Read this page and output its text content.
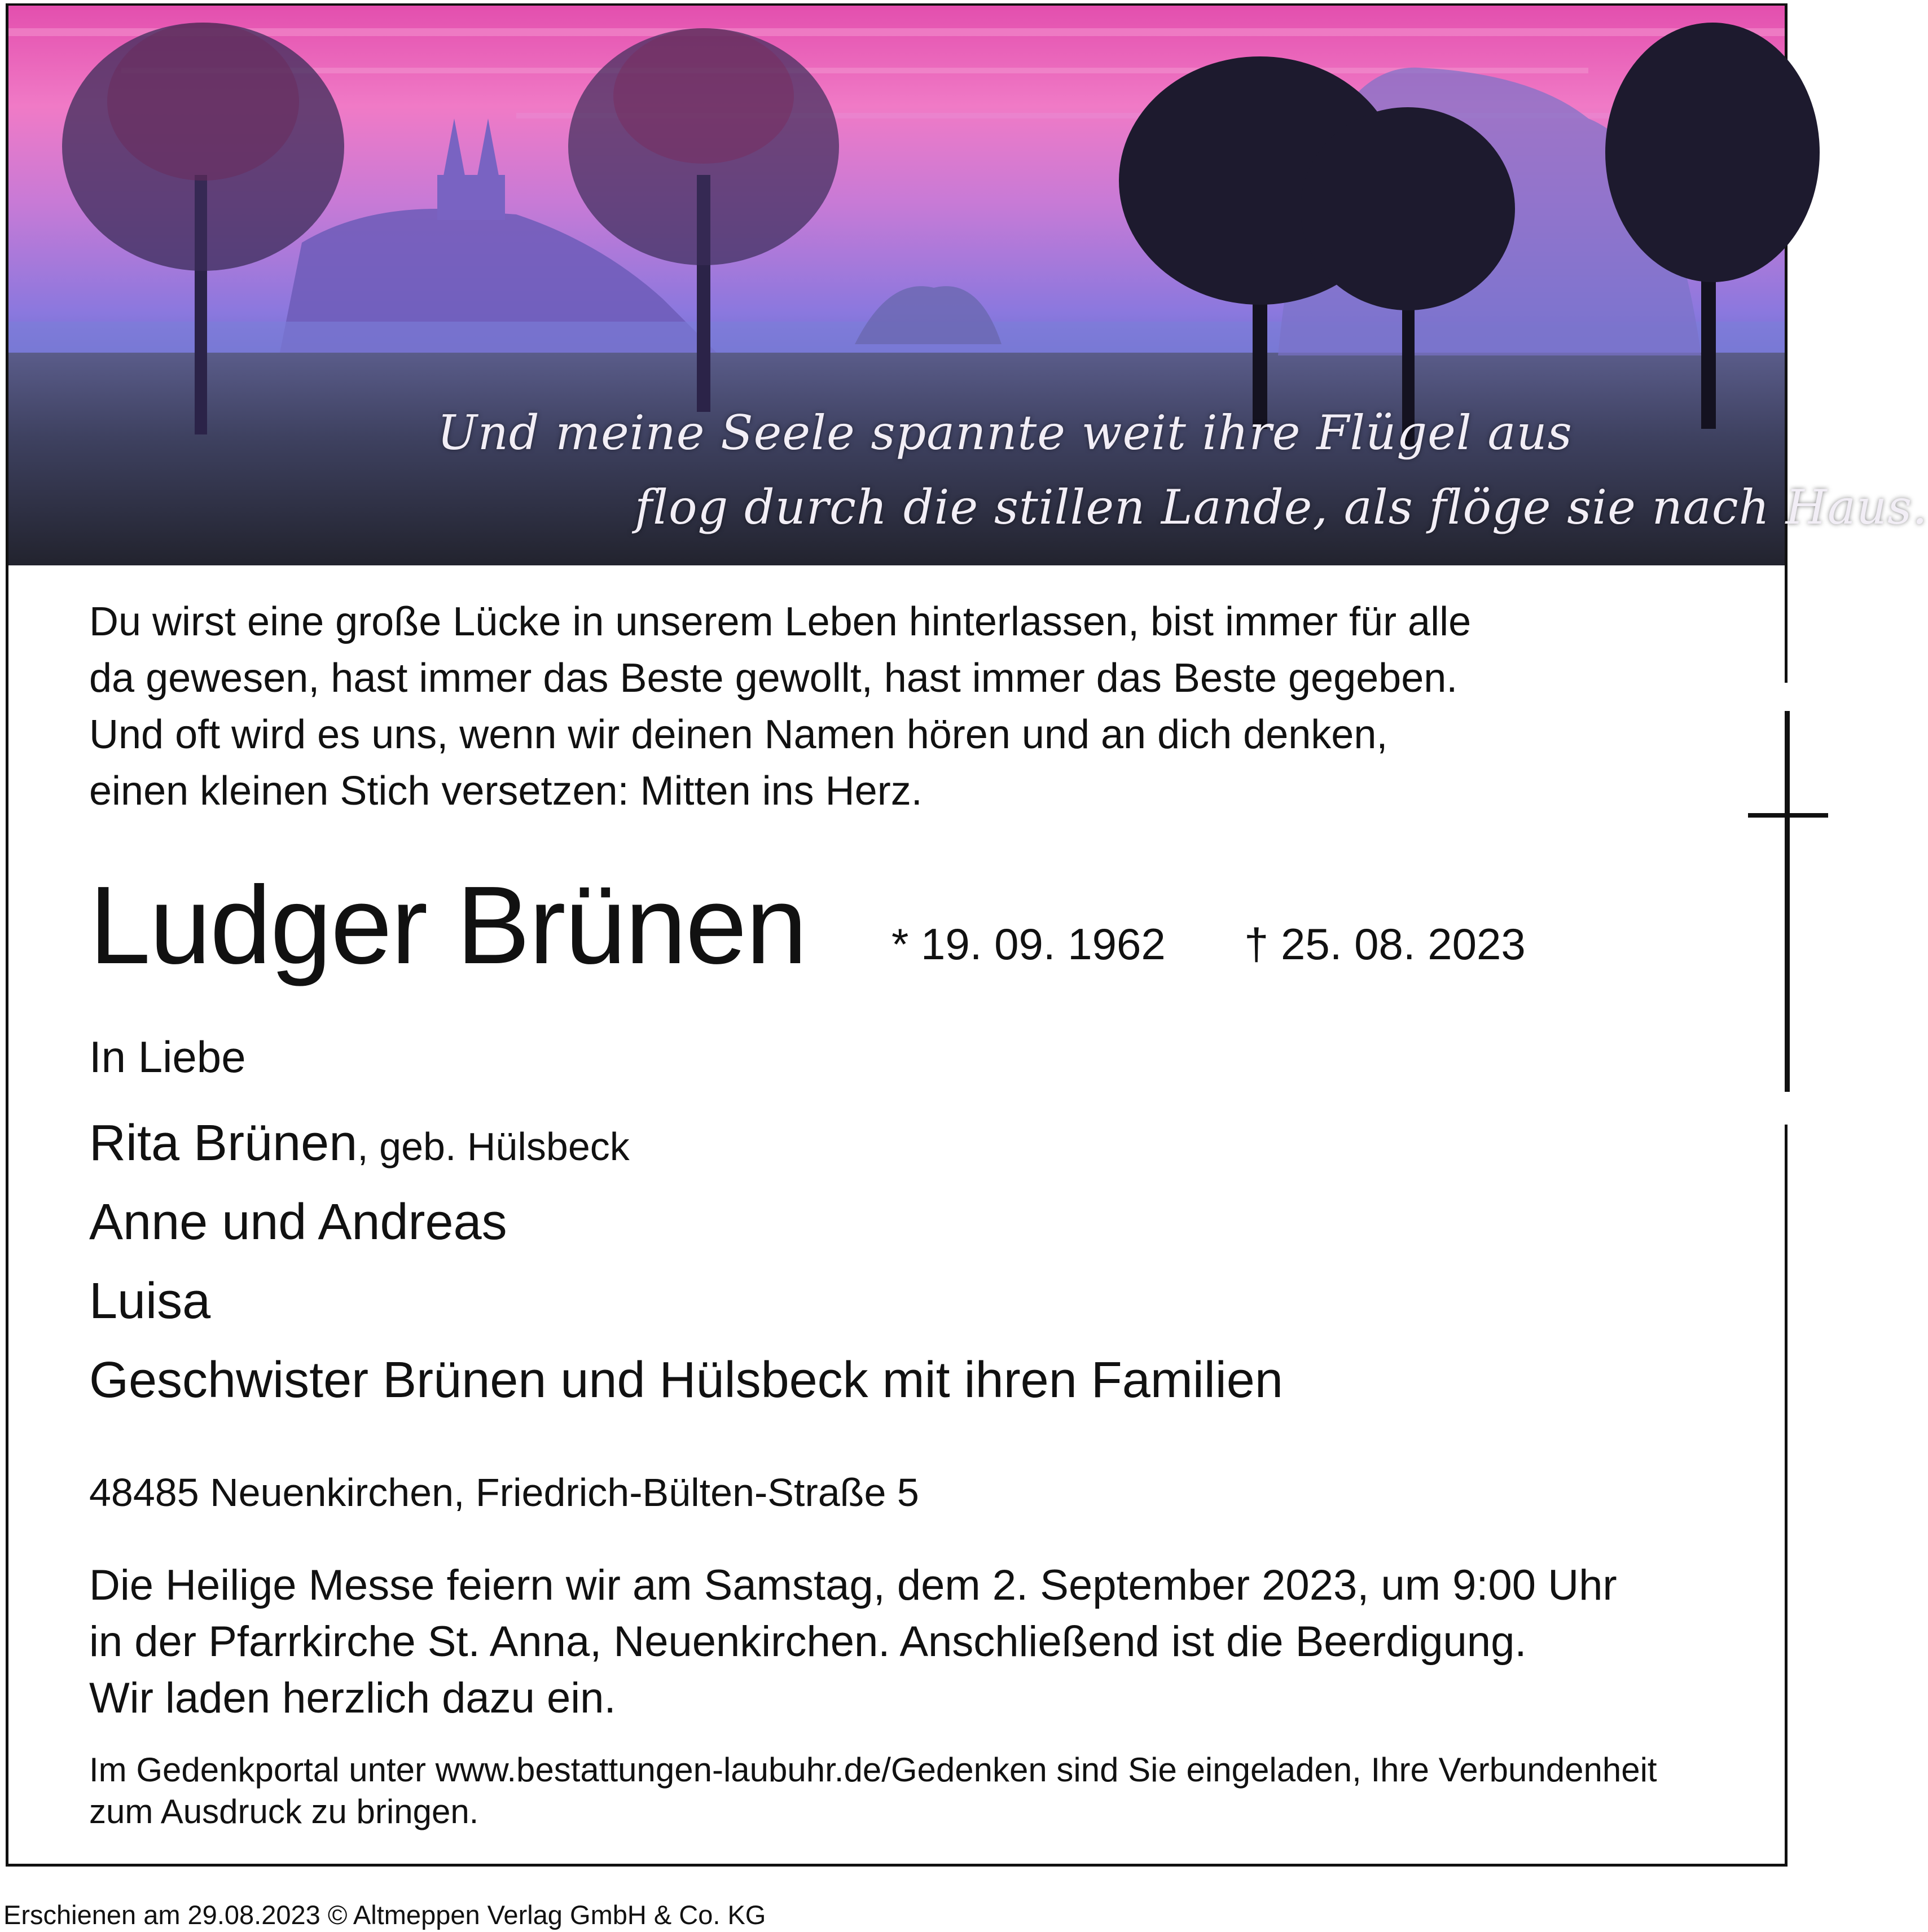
Und meine Seele spannte weit ihre Flügel aus
flog durch die stillen Lande, als flöge sie nach Haus.
Du wirst eine große Lücke in unserem Leben hinterlassen, bist immer für alle
da gewesen, hast immer das Beste gewollt, hast immer das Beste gegeben.
Und oft wird es uns, wenn wir deinen Namen hören und an dich denken,
einen kleinen Stich versetzen: Mitten ins Herz.
Ludger Brünen * 19. 09. 1962 † 25. 08. 2023
In Liebe
Rita Brünen, geb. Hülsbeck
Anne und Andreas
Luisa
Geschwister Brünen und Hülsbeck mit ihren Familien
48485 Neuenkirchen, Friedrich-Bülten-Straße 5
Die Heilige Messe feiern wir am Samstag, dem 2. September 2023, um 9:00 Uhr
in der Pfarrkirche St. Anna, Neuenkirchen. Anschließend ist die Beerdigung.
Wir laden herzlich dazu ein.
Im Gedenkportal unter www.bestattungen-laubuhr.de/Gedenken sind Sie eingeladen, Ihre Verbundenheit
zum Ausdruck zu bringen.
Erschienen am 29.08.2023 © Altmeppen Verlag GmbH & Co. KG
